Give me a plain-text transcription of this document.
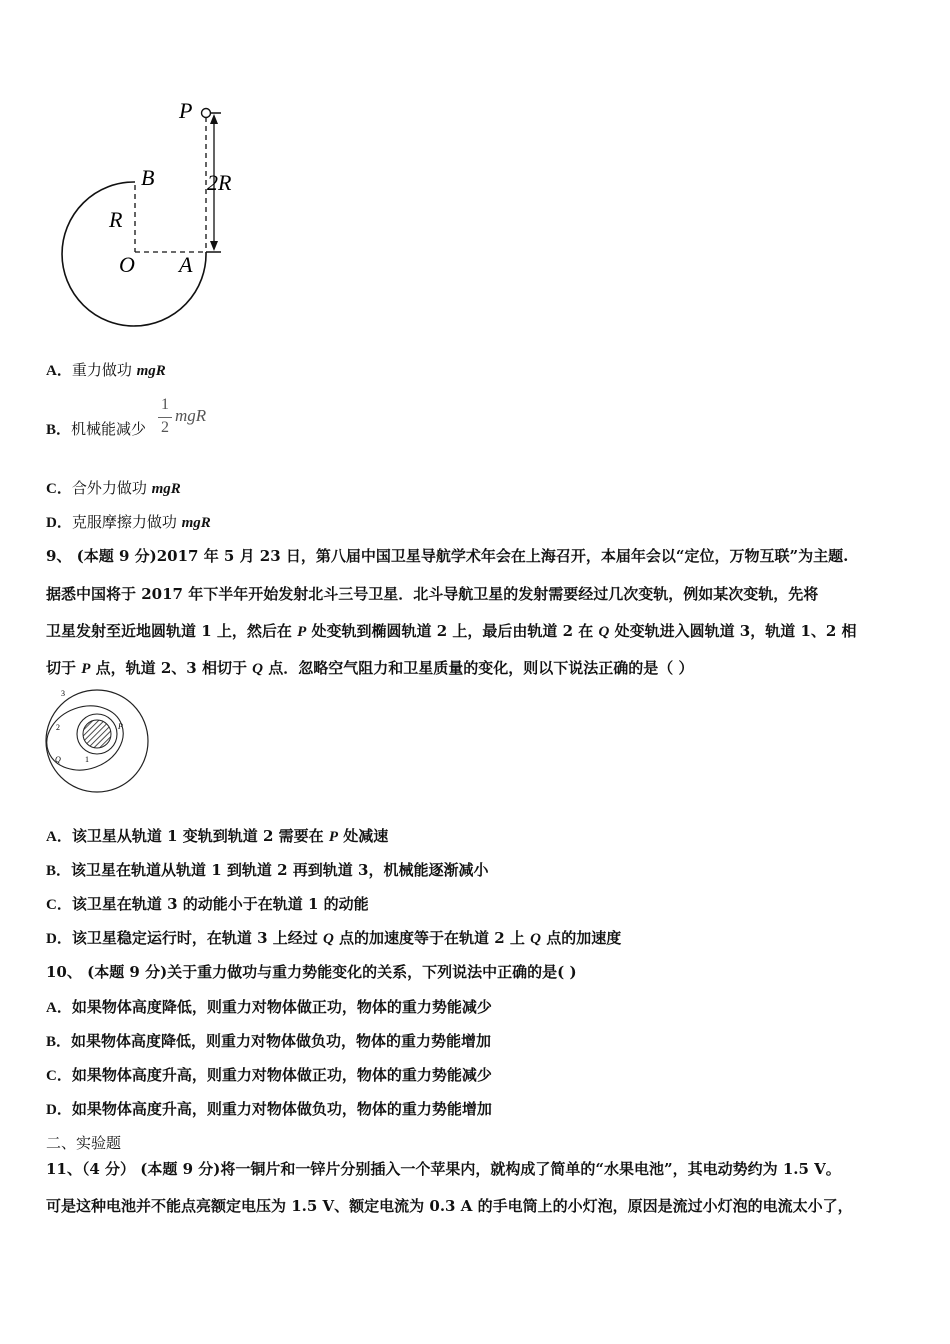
P
B
R
O A
2R
A．重力做功 mgR
B．机械能减少
1
2
mgR
C．合外力做功 mgR
D．克服摩擦力做功 mgR
9、 (本题 9 分)2017 年 5 月 23 日，第八届中国卫星导航学术年会在上海召开，本届年会以“定位，万物互联”为主题.
据悉中国将于 2017 年下半年开始发射北斗三号卫星．北斗导航卫星的发射需要经过几次变轨，例如某次变轨，先将
卫星发射至近地圆轨道 1 上，然后在 P 处变轨到椭圆轨道 2 上，最后由轨道 2 在 Q 处变轨进入圆轨道 3，轨道 1、2 相
切于 P 点，轨道 2、3 相切于 Q 点．忽略空气阻力和卫星质量的变化，则以下说法正确的是（ ）
3
2	P
Q	1
A．该卫星从轨道 1 变轨到轨道 2 需要在 P 处减速
B．该卫星在轨道从轨道 1 到轨道 2 再到轨道 3，机械能逐渐减小
C．该卫星在轨道 3 的动能小于在轨道 1 的动能
D．该卫星稳定运行时，在轨道 3 上经过 Q 点的加速度等于在轨道 2 上 Q 点的加速度
10、 (本题 9 分)关于重力做功与重力势能变化的关系，下列说法中正确的是( )
A．如果物体高度降低，则重力对物体做正功，物体的重力势能减少
B．如果物体高度降低，则重力对物体做负功，物体的重力势能增加
C．如果物体高度升高，则重力对物体做正功，物体的重力势能减少
D．如果物体高度升高，则重力对物体做负功，物体的重力势能增加
二、实验题
11、（4 分） (本题 9 分)将一铜片和一锌片分别插入一个苹果内，就构成了简单的“水果电池”，其电动势约为 1.5 V。
可是这种电池并不能点亮额定电压为 1.5 V、额定电流为 0.3 A 的手电筒上的小灯泡，原因是流过小灯泡的电流太小了，
